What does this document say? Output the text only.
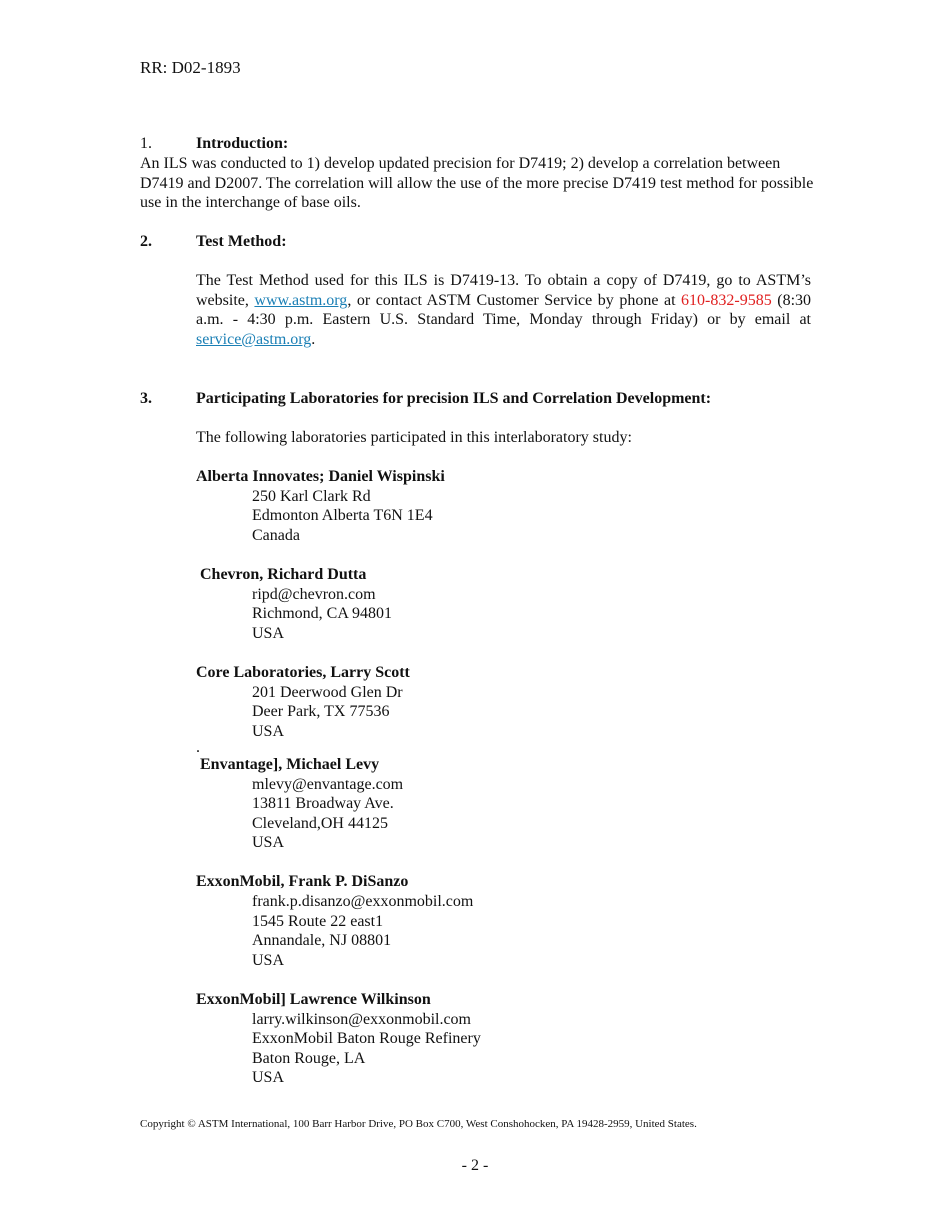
RR: D02-1893
1.	Introduction:
An ILS was conducted to 1) develop updated precision for D7419; 2) develop a correlation between D7419 and D2007. The correlation will allow the use of the more precise D7419 test method for possible use in the interchange of base oils.
2.	Test Method:
The Test Method used for this ILS is D7419-13. To obtain a copy of D7419, go to ASTM’s website, www.astm.org, or contact ASTM Customer Service by phone at 610-832-9585 (8:30 a.m. - 4:30 p.m. Eastern U.S. Standard Time, Monday through Friday) or by email at service@astm.org.
3.	Participating Laboratories for precision ILS and Correlation Development:
The following laboratories participated in this interlaboratory study:
Alberta Innovates; Daniel Wispinski
250 Karl Clark Rd
Edmonton Alberta T6N 1E4
Canada
Chevron, Richard Dutta
ripd@chevron.com
Richmond, CA 94801
USA
Core Laboratories, Larry Scott
201 Deerwood Glen Dr
Deer Park, TX 77536
USA
.
Envantage], Michael Levy
mlevy@envantage.com
13811 Broadway Ave.
Cleveland,OH 44125
USA
ExxonMobil, Frank P. DiSanzo
frank.p.disanzo@exxonmobil.com
1545 Route 22 east1
Annandale, NJ 08801
USA
ExxonMobil] Lawrence Wilkinson
larry.wilkinson@exxonmobil.com
ExxonMobil Baton Rouge Refinery
Baton Rouge, LA
USA
Copyright © ASTM International, 100 Barr Harbor Drive, PO Box C700, West Conshohocken, PA 19428-2959, United States.
- 2 -
